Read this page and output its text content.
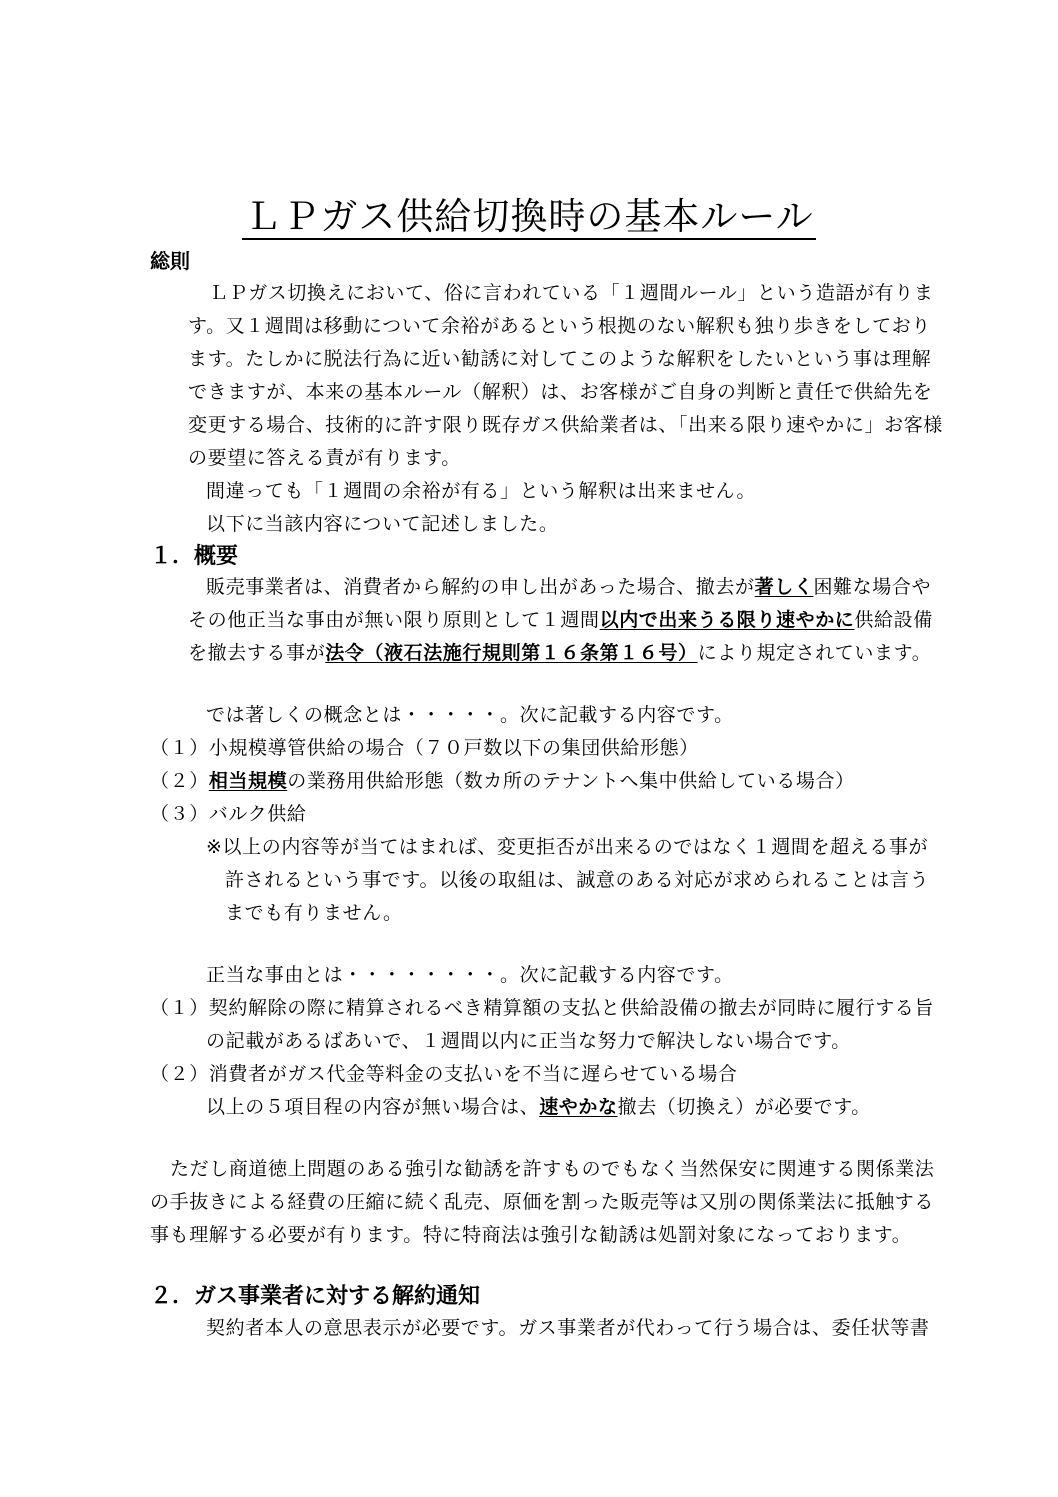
ＬＰガス供給切換時の基本ルール
総則
ＬＰガス切換えにおいて、俗に言われている「１週間ルール」という造語が有りま
す。又１週間は移動について余裕があるという根拠のない解釈も独り歩きをしており
ます。たしかに脱法行為に近い勧誘に対してこのような解釈をしたいという事は理解
できますが、本来の基本ルール（解釈）は、お客様がご自身の判断と責任で供給先を
変更する場合、技術的に許す限り既存ガス供給業者は、「出来る限り速やかに」お客様
の要望に答える責が有ります。
間違っても「１週間の余裕が有る」という解釈は出来ません。
以下に当該内容について記述しました。
１．概要
販売事業者は、消費者から解約の申し出があった場合、撤去が著しく困難な場合や
その他正当な事由が無い限り原則として１週間以内で出来うる限り速やかに供給設備
を撤去する事が法令（液石法施行規則第１６条第１６号）により規定されています。
では著しくの概念とは・・・・・。次に記載する内容です。
（１）小規模導管供給の場合（７０戸数以下の集団供給形態）
（２）相当規模の業務用供給形態（数カ所のテナントへ集中供給している場合）
（３）バルク供給
※以上の内容等が当てはまれば、変更拒否が出来るのではなく１週間を超える事が
許されるという事です。以後の取組は、誠意のある対応が求められることは言う
までも有りません。
正当な事由とは・・・・・・・・。次に記載する内容です。
（１）契約解除の際に精算されるべき精算額の支払と供給設備の撤去が同時に履行する旨
の記載があるばあいで、１週間以内に正当な努力で解決しない場合です。
（２）消費者がガス代金等料金の支払いを不当に遅らせている場合
以上の５項目程の内容が無い場合は、速やかな撤去（切換え）が必要です。
ただし商道徳上問題のある強引な勧誘を許すものでもなく当然保安に関連する関係業法
の手抜きによる経費の圧縮に続く乱売、原価を割った販売等は又別の関係業法に抵触する
事も理解する必要が有ります。特に特商法は強引な勧誘は処罰対象になっております。
２．ガス事業者に対する解約通知
契約者本人の意思表示が必要です。ガス事業者が代わって行う場合は、委任状等書
